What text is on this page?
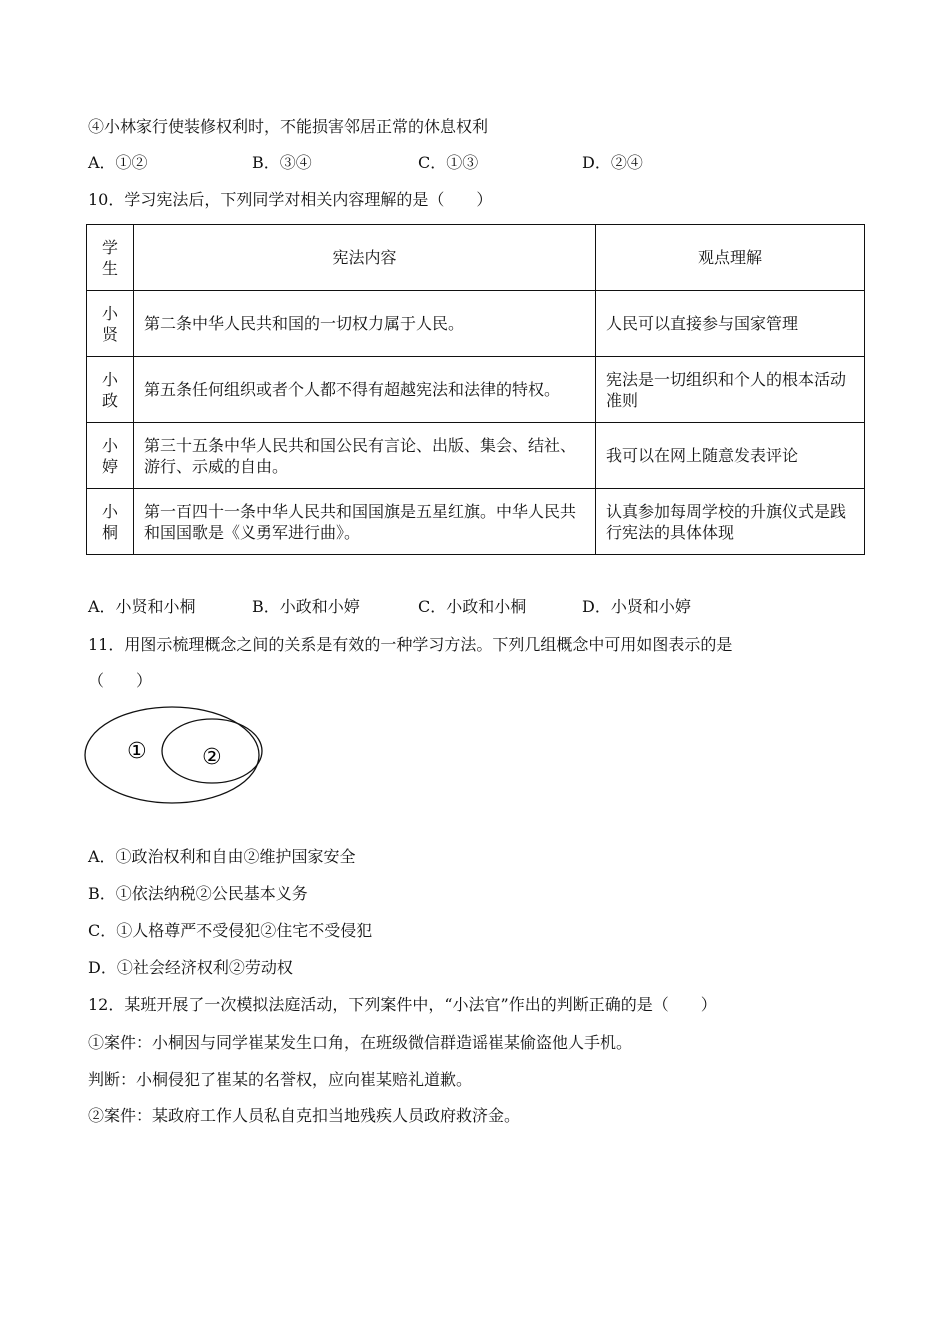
④小林家行使装修权利时，不能损害邻居正常的休息权利
A．①②	B．③④	C．①③	D．②④
10．学习宪法后，下列同学对相关内容理解的是（　　）
学生	宪法内容	观点理解
小贤	第二条中华人民共和国的一切权力属于人民。	人民可以直接参与国家管理
小政	第五条任何组织或者个人都不得有超越宪法和法律的特权。	宪法是一切组织和个人的根本活动准则
小婷	第三十五条中华人民共和国公民有言论、出版、集会、结社、游行、示威的自由。	我可以在网上随意发表评论
小桐	第一百四十一条中华人民共和国国旗是五星红旗。中华人民共和国国歌是《义勇军进行曲》。	认真参加每周学校的升旗仪式是践行宪法的具体体现
A．小贤和小桐	B．小政和小婷	C．小政和小桐	D．小贤和小婷
11．用图示梳理概念之间的关系是有效的一种学习方法。下列几组概念中可用如图表示的是
（　　）
①	②
A．①政治权利和自由②维护国家安全
B．①依法纳税②公民基本义务
C．①人格尊严不受侵犯②住宅不受侵犯
D．①社会经济权利②劳动权
12．某班开展了一次模拟法庭活动，下列案件中，“小法官”作出的判断正确的是（　　）
①案件：小桐因与同学崔某发生口角，在班级微信群造谣崔某偷盗他人手机。
判断：小桐侵犯了崔某的名誉权，应向崔某赔礼道歉。
②案件：某政府工作人员私自克扣当地残疾人员政府救济金。
